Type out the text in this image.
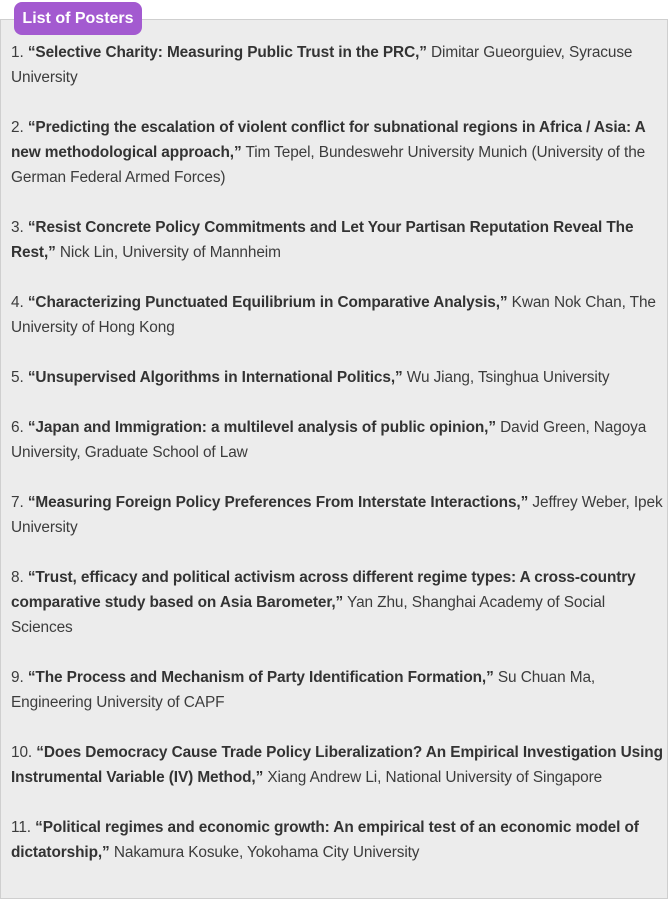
List of Posters

1. “Selective Charity: Measuring Public Trust in the PRC,” Dimitar Gueorguiev, Syracuse University

2. “Predicting the escalation of violent conflict for subnational regions in Africa / Asia: A new methodological approach,” Tim Tepel, Bundeswehr University Munich (University of the German Federal Armed Forces)

3. “Resist Concrete Policy Commitments and Let Your Partisan Reputation Reveal The Rest,” Nick Lin, University of Mannheim

4. “Characterizing Punctuated Equilibrium in Comparative Analysis,” Kwan Nok Chan, The University of Hong Kong

5. “Unsupervised Algorithms in International Politics,” Wu Jiang, Tsinghua University

6. “Japan and Immigration: a multilevel analysis of public opinion,” David Green, Nagoya University, Graduate School of Law

7. “Measuring Foreign Policy Preferences From Interstate Interactions,” Jeffrey Weber, Ipek University

8. “Trust, efficacy and political activism across different regime types: A cross-country comparative study based on Asia Barometer,” Yan Zhu, Shanghai Academy of Social Sciences

9. “The Process and Mechanism of Party Identification Formation,” Su Chuan Ma, Engineering University of CAPF

10. “Does Democracy Cause Trade Policy Liberalization? An Empirical Investigation Using Instrumental Variable (IV) Method,” Xiang Andrew Li, National University of Singapore

11. “Political regimes and economic growth: An empirical test of an economic model of dictatorship,” Nakamura Kosuke, Yokohama City University
